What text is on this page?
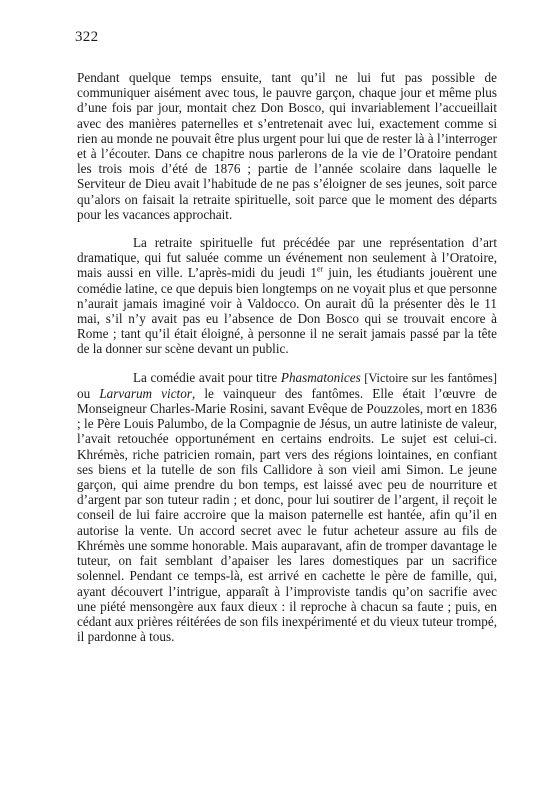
322

Pendant quelque temps ensuite, tant qu’il ne lui fut pas possible de communiquer aisément avec tous, le pauvre garçon, chaque jour et même plus d’une fois par jour, montait chez Don Bosco, qui invariablement l’accueillait avec des manières paternelles et s’entretenait avec lui, exactement comme si rien au monde ne pouvait être plus urgent pour lui que de rester là à l’interroger et à l’écouter. Dans ce chapitre nous parlerons de la vie de l’Oratoire pendant les trois mois d’été de 1876 ; partie de l’année scolaire dans laquelle le Serviteur de Dieu avait l’habitude de ne pas s’éloigner de ses jeunes, soit parce qu’alors on faisait la retraite spirituelle, soit parce que le moment des départs pour les vacances approchait.

La retraite spirituelle fut précédée par une représentation d’art dramatique, qui fut saluée comme un événement non seulement à l’Oratoire, mais aussi en ville. L’après-midi du jeudi 1er juin, les étudiants jouèrent une comédie latine, ce que depuis bien longtemps on ne voyait plus et que personne n’aurait jamais imaginé voir à Valdocco. On aurait dû la présenter dès le 11 mai, s’il n’y avait pas eu l’absence de Don Bosco qui se trouvait encore à Rome ; tant qu’il était éloigné, à personne il ne serait jamais passé par la tête de la donner sur scène devant un public.

La comédie avait pour titre Phasmatonices [Victoire sur les fantômes] ou Larvarum victor, le vainqueur des fantômes. Elle était l’œuvre de Monseigneur Charles-Marie Rosini, savant Evêque de Pouzzoles, mort en 1836 ; le Père Louis Palumbo, de la Compagnie de Jésus, un autre latiniste de valeur, l’avait retouchée opportunément en certains endroits. Le sujet est celui-ci. Khrémès, riche patricien romain, part vers des régions lointaines, en confiant ses biens et la tutelle de son fils Callidore à son vieil ami Simon. Le jeune garçon, qui aime prendre du bon temps, est laissé avec peu de nourriture et d’argent par son tuteur radin ; et donc, pour lui soutirer de l’argent, il reçoit le conseil de lui faire accroire que la maison paternelle est hantée, afin qu’il en autorise la vente. Un accord secret avec le futur acheteur assure au fils de Khrémès une somme honorable. Mais auparavant, afin de tromper davantage le tuteur, on fait semblant d’apaiser les lares domestiques par un sacrifice solennel. Pendant ce temps-là, est arrivé en cachette le père de famille, qui, ayant découvert l’intrigue, apparaît à l’improviste tandis qu’on sacrifie avec une piété mensongère aux faux dieux : il reproche à chacun sa faute ; puis, en cédant aux prières réitérées de son fils inexpérimenté et du vieux tuteur trompé, il pardonne à tous.
